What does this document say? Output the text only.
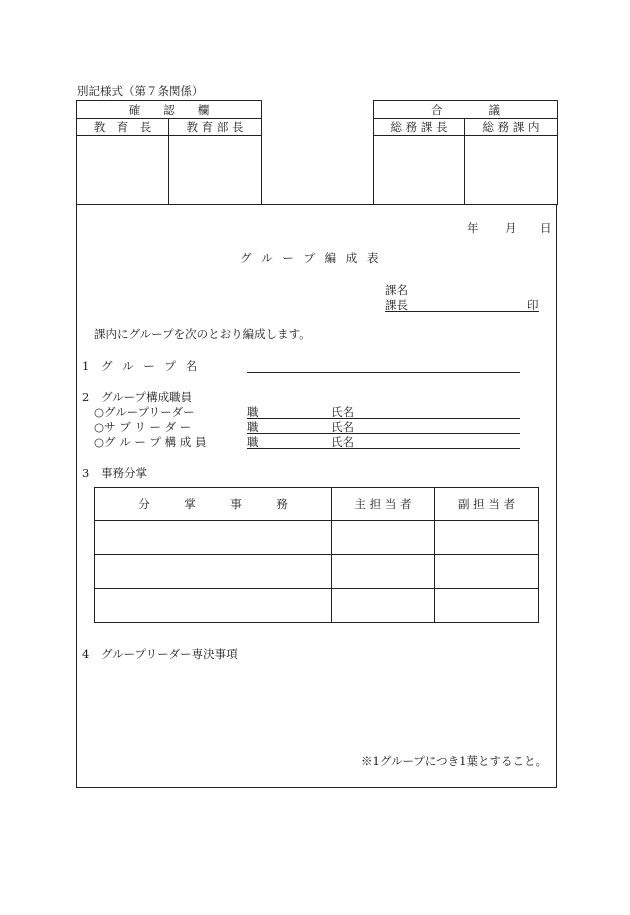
別記様式（第７条関係）
確　　認　　欄	
教　育　長	教 育 部 長

合　　　　議	
総 務 課 長	総 務 課 内

年 月 日
グ ル ー プ 編 成 表
課名
課長	印
課内にグループを次のとおり編成します。
1 グ ル ー プ 名
2 グループ構成職員
○グループリーダー	職	氏名
○サ ブ リ ー ダ ー	職	氏名
○グ ル ー プ 構 成 員	職	氏名
3 事務分掌
分　　　掌　　　事　　　務	主 担 当 者	副 担 当 者

4 グループリーダー専決事項
※1グループにつき1葉とすること。
